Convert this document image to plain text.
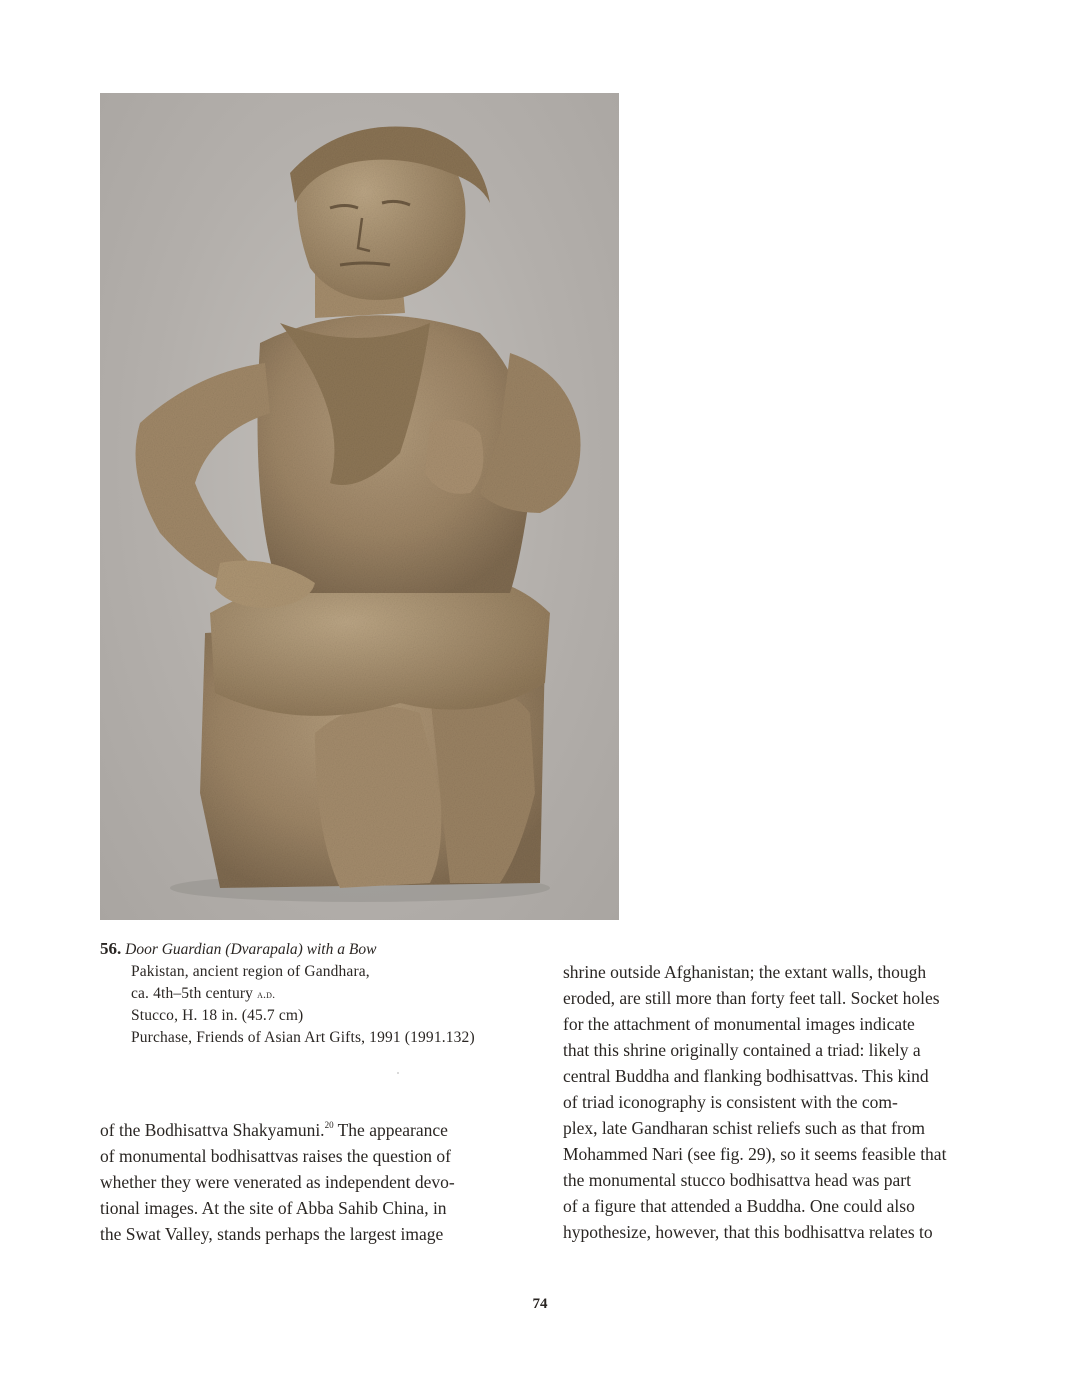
56. Door Guardian (Dvarapala) with a Bow
Pakistan, ancient region of Gandhara,
ca. 4th–5th century a.d.
Stucco, H. 18 in. (45.7 cm)
Purchase, Friends of Asian Art Gifts, 1991 (1991.132)
of the Bodhisattva Shakyamuni.$^{20}$ The appearance
of monumental bodhisattvas raises the question of
whether they were venerated as independent devo-
tional images. At the site of Abba Sahib China, in
the Swat Valley, stands perhaps the largest image
shrine outside Afghanistan; the extant walls, though
eroded, are still more than forty feet tall. Socket holes
for the attachment of monumental images indicate
that this shrine originally contained a triad: likely a
central Buddha and flanking bodhisattvas. This kind
of triad iconography is consistent with the com-
plex, late Gandharan schist reliefs such as that from
Mohammed Nari (see fig. 29), so it seems feasible that
the monumental stucco bodhisattva head was part
of a figure that attended a Buddha. One could also
hypothesize, however, that this bodhisattva relates to
74
